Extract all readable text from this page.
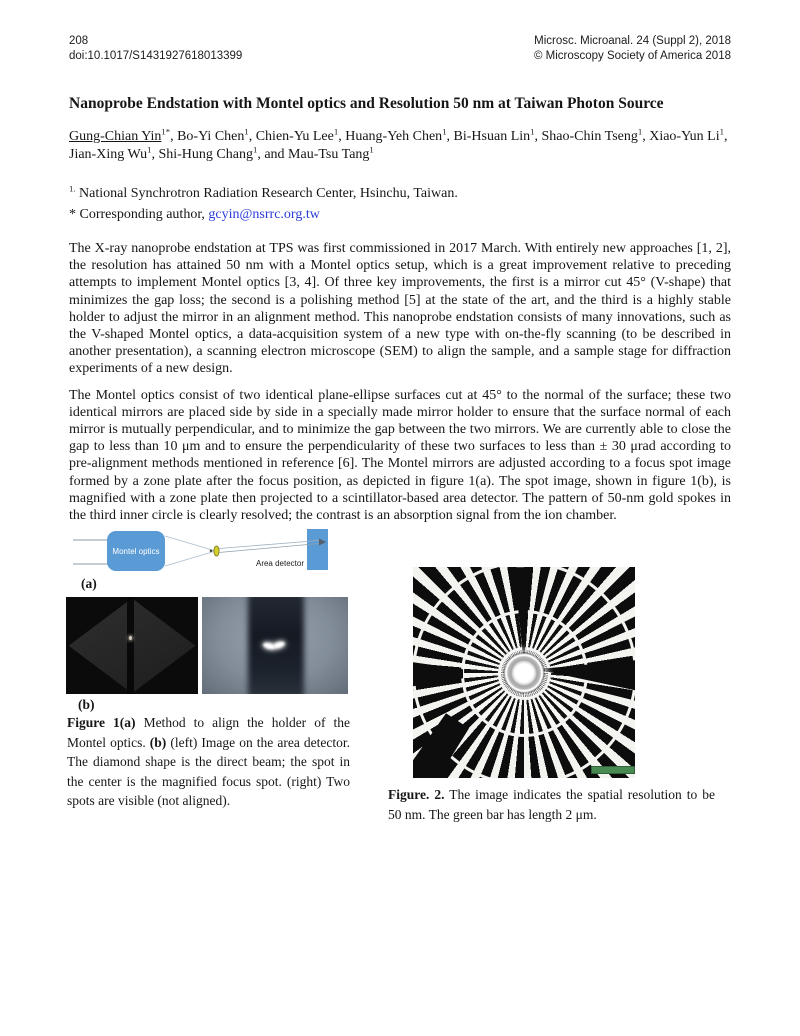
208
doi:10.1017/S1431927618013399
Microsc. Microanal. 24 (Suppl 2), 2018
© Microscopy Society of America 2018
Nanoprobe Endstation with Montel optics and Resolution 50 nm at Taiwan Photon Source

Gung-Chian Yin$^{1*}$, Bo-Yi Chen$^1$, Chien-Yu Lee$^1$, Huang-Yeh Chen$^1$, Bi-Hsuan Lin$^1$, Shao-Chin Tseng$^1$, Xiao-Yun Li$^1$, Jian-Xing Wu$^1$, Shi-Hung Chang$^1$, and Mau-Tsu Tang$^1$

$^{1.}$ National Synchrotron Radiation Research Center, Hsinchu, Taiwan.

* Corresponding author, gcyin@nsrrc.org.tw

The X-ray nanoprobe endstation at TPS was first commissioned in 2017 March. With entirely new approaches [1, 2], the resolution has attained 50 nm with a Montel optics setup, which is a great improvement relative to preceding attempts to implement Montel optics [3, 4]. Of three key improvements, the first is a mirror cut 45° (V-shape) that minimizes the gap loss; the second is a polishing method [5] at the state of the art, and the third is a highly stable holder to adjust the mirror in an alignment method. This nanoprobe endstation consists of many innovations, such as the V-shaped Montel optics, a data-acquisition system of a new type with on-the-fly scanning (to be described in another presentation), a scanning electron microscope (SEM) to align the sample, and a sample stage for diffraction experiments of a new design.

The Montel optics consist of two identical plane-ellipse surfaces cut at 45° to the normal of the surface; these two identical mirrors are placed side by side in a specially made mirror holder to ensure that the surface normal of each mirror is mutually perpendicular, and to minimize the gap between the two mirrors. We are currently able to close the gap to less than 10 μm and to ensure the perpendicularity of these two surfaces to less than ± 30 μrad according to pre-alignment methods mentioned in reference [6]. The Montel mirrors are adjusted according to a focus spot image formed by a zone plate after the focus position, as depicted in figure 1(a). The spot image, shown in figure 1(b), is magnified with a zone plate then projected to a scintillator-based area detector. The pattern of 50-nm gold spokes in the third inner circle is clearly resolved; the contrast is an absorption signal from the ion chamber.

Montel optics
Area detector
(a)
(b)

Figure 1(a) Method to align the holder of the Montel optics. (b) (left) Image on the area detector. The diamond shape is the direct beam; the spot in the center is the magnified focus spot. (right) Two spots are visible (not aligned).	Figure. 2. The image indicates the spatial resolution to be 50 nm. The green bar has length 2 μm.
